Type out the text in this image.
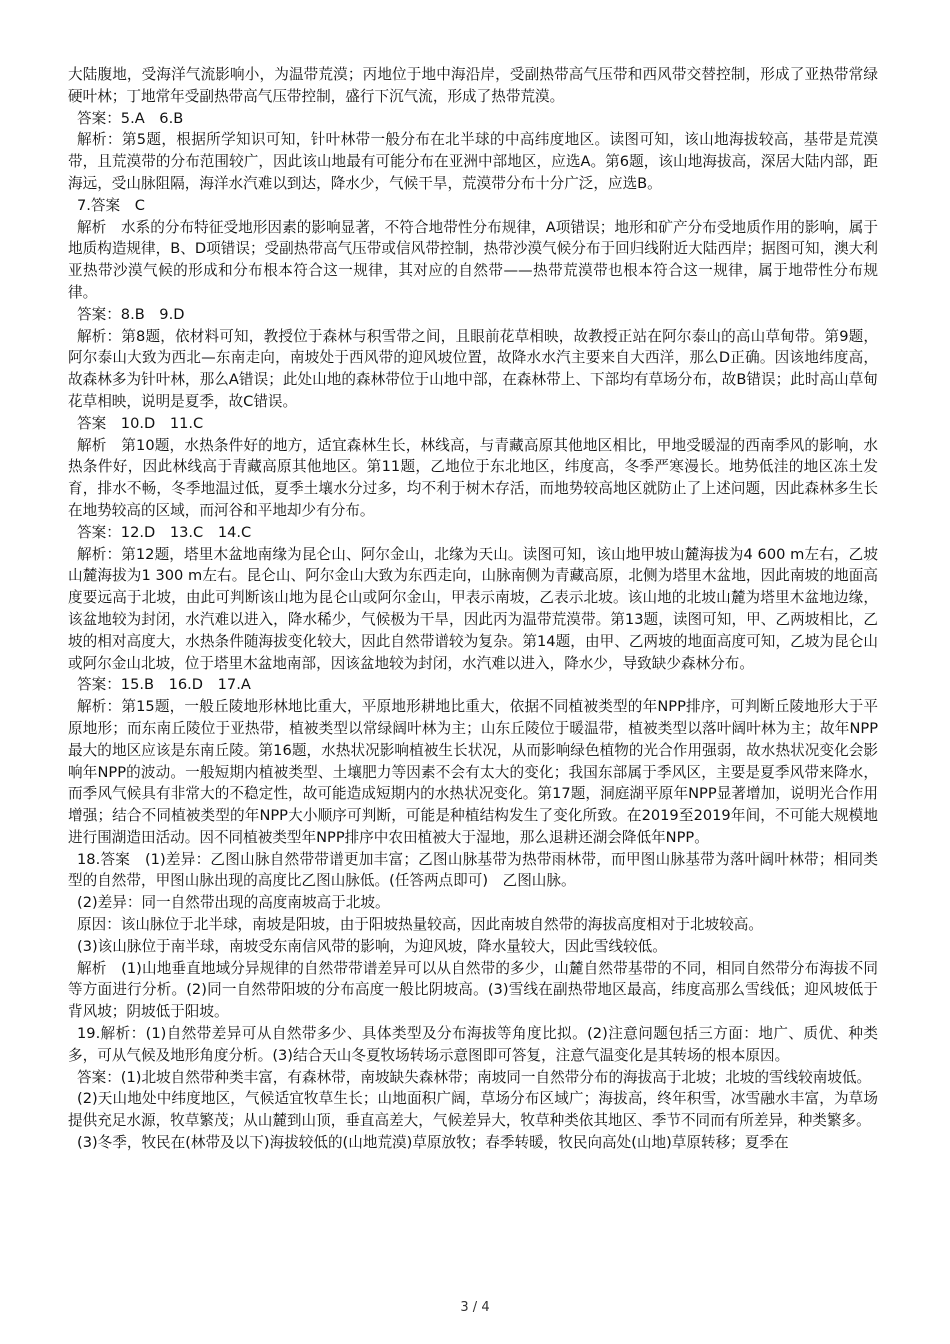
大陆腹地，受海洋气流影响小，为温带荒漠；丙地位于地中海沿岸，受副热带高气压带和西风带交替控制，形成了亚热带常绿硬叶林；丁地常年受副热带高气压带控制，盛行下沉气流，形成了热带荒漠。

答案：5.A　6.B

解析：第5题，根据所学知识可知，针叶林带一般分布在北半球的中高纬度地区。读图可知，该山地海拔较高，基带是荒漠带，且荒漠带的分布范围较广，因此该山地最有可能分布在亚洲中部地区，应选A。第6题，该山地海拔高，深居大陆内部，距海远，受山脉阻隔，海洋水汽难以到达，降水少，气候干旱，荒漠带分布十分广泛，应选B。

7.答案　C

解析　水系的分布特征受地形因素的影响显著，不符合地带性分布规律，A项错误；地形和矿产分布受地质作用的影响，属于地质构造规律，B、D项错误；受副热带高气压带或信风带控制，热带沙漠气候分布于回归线附近大陆西岸；据图可知，澳大利亚热带沙漠气候的形成和分布根本符合这一规律，其对应的自然带——热带荒漠带也根本符合这一规律，属于地带性分布规律。

答案：8.B　9.D

解析：第8题，依材料可知，教授位于森林与积雪带之间，且眼前花草相映，故教授正站在阿尔泰山的高山草甸带。第9题，阿尔泰山大致为西北—东南走向，南坡处于西风带的迎风坡位置，故降水水汽主要来自大西洋，那么D正确。因该地纬度高，故森林多为针叶林，那么A错误；此处山地的森林带位于山地中部，在森林带上、下部均有草场分布，故B错误；此时高山草甸花草相映，说明是夏季，故C错误。

答案　10.D　11.C

解析　第10题，水热条件好的地方，适宜森林生长，林线高，与青藏高原其他地区相比，甲地受暖湿的西南季风的影响，水热条件好，因此林线高于青藏高原其他地区。第11题，乙地位于东北地区，纬度高，冬季严寒漫长。地势低洼的地区冻土发育，排水不畅，冬季地温过低，夏季土壤水分过多，均不利于树木存活，而地势较高地区就防止了上述问题，因此森林多生长在地势较高的区域，而河谷和平地却少有分布。

答案：12.D　13.C　14.C

解析：第12题，塔里木盆地南缘为昆仑山、阿尔金山，北缘为天山。读图可知，该山地甲坡山麓海拔为4 600 m左右，乙坡山麓海拔为1 300 m左右。昆仑山、阿尔金山大致为东西走向，山脉南侧为青藏高原，北侧为塔里木盆地，因此南坡的地面高度要远高于北坡，由此可判断该山地为昆仑山或阿尔金山，甲表示南坡，乙表示北坡。该山地的北坡山麓为塔里木盆地边缘，该盆地较为封闭，水汽难以进入，降水稀少，气候极为干旱，因此丙为温带荒漠带。第13题，读图可知，甲、乙两坡相比，乙坡的相对高度大，水热条件随海拔变化较大，因此自然带谱较为复杂。第14题，由甲、乙两坡的地面高度可知，乙坡为昆仑山或阿尔金山北坡，位于塔里木盆地南部，因该盆地较为封闭，水汽难以进入，降水少，导致缺少森林分布。

答案：15.B　16.D　17.A

解析：第15题，一般丘陵地形林地比重大，平原地形耕地比重大，依据不同植被类型的年NPP排序，可判断丘陵地形大于平原地形；而东南丘陵位于亚热带，植被类型以常绿阔叶林为主；山东丘陵位于暖温带，植被类型以落叶阔叶林为主；故年NPP最大的地区应该是东南丘陵。第16题，水热状况影响植被生长状况，从而影响绿色植物的光合作用强弱，故水热状况变化会影响年NPP的波动。一般短期内植被类型、土壤肥力等因素不会有太大的变化；我国东部属于季风区，主要是夏季风带来降水，而季风气候具有非常大的不稳定性，故可能造成短期内的水热状况变化。第17题，洞庭湖平原年NPP显著增加，说明光合作用增强；结合不同植被类型的年NPP大小顺序可判断，可能是种植结构发生了变化所致。在2019至2019年间，不可能大规模地进行围湖造田活动。因不同植被类型年NPP排序中农田植被大于湿地，那么退耕还湖会降低年NPP。

18.答案　(1)差异：乙图山脉自然带带谱更加丰富；乙图山脉基带为热带雨林带，而甲图山脉基带为落叶阔叶林带；相同类型的自然带，甲图山脉出现的高度比乙图山脉低。(任答两点即可)　乙图山脉。

(2)差异：同一自然带出现的高度南坡高于北坡。

原因：该山脉位于北半球，南坡是阳坡，由于阳坡热量较高，因此南坡自然带的海拔高度相对于北坡较高。

(3)该山脉位于南半球，南坡受东南信风带的影响，为迎风坡，降水量较大，因此雪线较低。

解析　(1)山地垂直地域分异规律的自然带带谱差异可以从自然带的多少，山麓自然带基带的不同，相同自然带分布海拔不同等方面进行分析。(2)同一自然带阳坡的分布高度一般比阴坡高。(3)雪线在副热带地区最高，纬度高那么雪线低；迎风坡低于背风坡；阴坡低于阳坡。

19.解析：(1)自然带差异可从自然带多少、具体类型及分布海拔等角度比拟。(2)注意问题包括三方面：地广、质优、种类多，可从气候及地形角度分析。(3)结合天山冬夏牧场转场示意图即可答复，注意气温变化是其转场的根本原因。

答案：(1)北坡自然带种类丰富，有森林带，南坡缺失森林带；南坡同一自然带分布的海拔高于北坡；北坡的雪线较南坡低。

(2)天山地处中纬度地区，气候适宜牧草生长；山地面积广阔，草场分布区域广；海拔高，终年积雪，冰雪融水丰富，为草场提供充足水源，牧草繁茂；从山麓到山顶，垂直高差大，气候差异大，牧草种类依其地区、季节不同而有所差异，种类繁多。

(3)冬季，牧民在(林带及以下)海拔较低的(山地荒漠)草原放牧；春季转暖，牧民向高处(山地)草原转移；夏季在

3 / 4
